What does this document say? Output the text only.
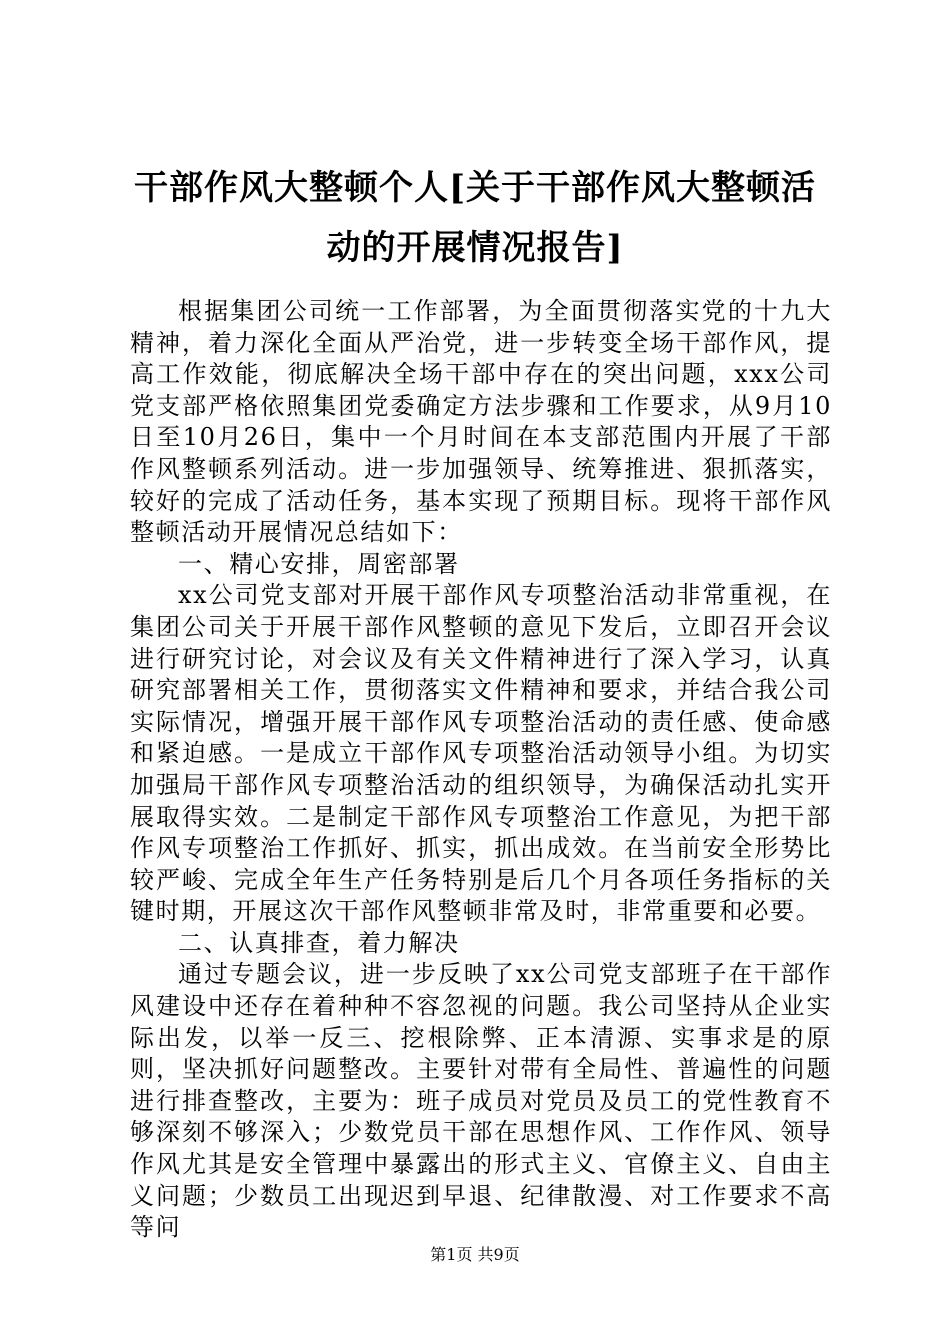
干部作风大整顿个人[关于干部作风大整顿活动的开展情况报告]

根据集团公司统一工作部署，为全面贯彻落实党的十九大精神，着力深化全面从严治党，进一步转变全场干部作风，提高工作效能，彻底解决全场干部中存在的突出问题，xxx公司党支部严格依照集团党委确定方法步骤和工作要求，从9月10日至10月26日，集中一个月时间在本支部范围内开展了干部作风整顿系列活动。进一步加强领导、统筹推进、狠抓落实，较好的完成了活动任务，基本实现了预期目标。现将干部作风整顿活动开展情况总结如下：

一、精心安排，周密部署

xx公司党支部对开展干部作风专项整治活动非常重视，在集团公司关于开展干部作风整顿的意见下发后，立即召开会议进行研究讨论，对会议及有关文件精神进行了深入学习，认真研究部署相关工作，贯彻落实文件精神和要求，并结合我公司实际情况，增强开展干部作风专项整治活动的责任感、使命感和紧迫感。一是成立干部作风专项整治活动领导小组。为切实加强局干部作风专项整治活动的组织领导，为确保活动扎实开展取得实效。二是制定干部作风专项整治工作意见，为把干部作风专项整治工作抓好、抓实，抓出成效。在当前安全形势比较严峻、完成全年生产任务特别是后几个月各项任务指标的关键时期，开展这次干部作风整顿非常及时，非常重要和必要。

二、认真排查，着力解决

通过专题会议，进一步反映了xx公司党支部班子在干部作风建设中还存在着种种不容忽视的问题。我公司坚持从企业实际出发，以举一反三、挖根除弊、正本清源、实事求是的原则，坚决抓好问题整改。主要针对带有全局性、普遍性的问题进行排查整改，主要为：班子成员对党员及员工的党性教育不够深刻不够深入；少数党员干部在思想作风、工作作风、领导作风尤其是安全管理中暴露出的形式主义、官僚主义、自由主义问题；少数员工出现迟到早退、纪律散漫、对工作要求不高等问

第1页 共9页
